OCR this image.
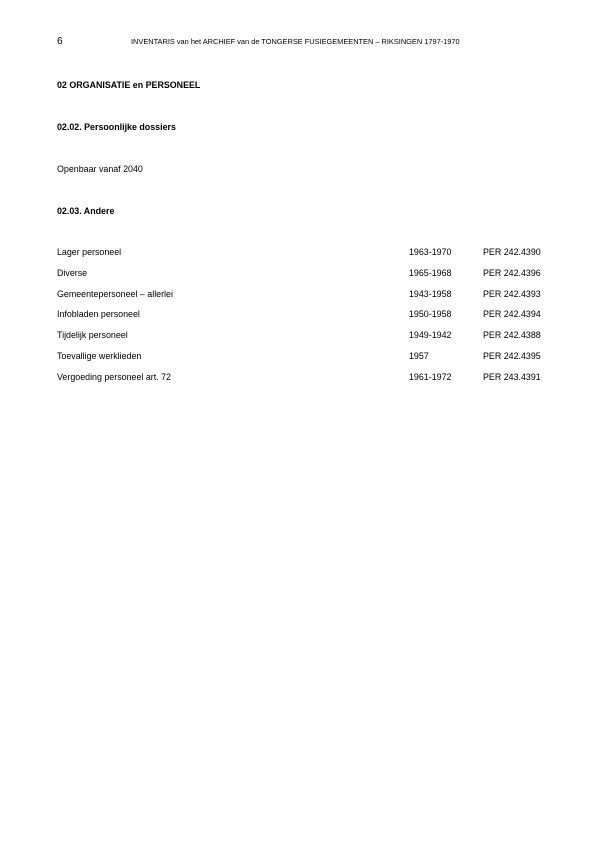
6	INVENTARIS van het ARCHIEF van de TONGERSE FUSIEGEMEENTEN – RIKSINGEN 1797-1970
02 ORGANISATIE en PERSONEEL
02.02. Persoonlijke dossiers
Openbaar vanaf 2040
02.03. Andere
Lager personeel	1963-1970	PER 242.4390
Diverse	1965-1968	PER 242.4396
Gemeentepersoneel – allerlei	1943-1958	PER 242.4393
Infobladen personeel	1950-1958	PER 242.4394
Tijdelijk personeel	1949-1942	PER 242.4388
Toevallige werklieden	1957	PER 242.4395
Vergoeding personeel art. 72	1961-1972	PER 243.4391
